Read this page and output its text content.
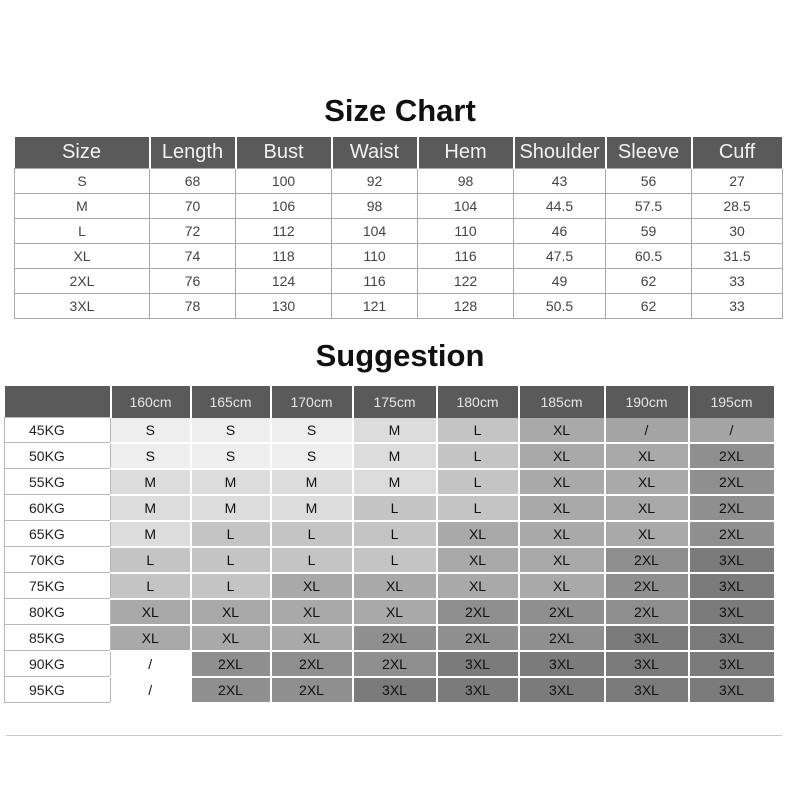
Size Chart
Size	Length	Bust	Waist	Hem	Shoulder	Sleeve	Cuff
S	68	100	92	98	43	56	27
M	70	106	98	104	44.5	57.5	28.5
L	72	112	104	110	46	59	30
XL	74	118	110	116	47.5	60.5	31.5
2XL	76	124	116	122	49	62	33
3XL	78	130	121	128	50.5	62	33
Suggestion
	160cm	165cm	170cm	175cm	180cm	185cm	190cm	195cm
45KG	S	S	S	M	L	XL	/	/
50KG	S	S	S	M	L	XL	XL	2XL
55KG	M	M	M	M	L	XL	XL	2XL
60KG	M	M	M	L	L	XL	XL	2XL
65KG	M	L	L	L	XL	XL	XL	2XL
70KG	L	L	L	L	XL	XL	2XL	3XL
75KG	L	L	XL	XL	XL	XL	2XL	3XL
80KG	XL	XL	XL	XL	2XL	2XL	2XL	3XL
85KG	XL	XL	XL	2XL	2XL	2XL	3XL	3XL
90KG	/	2XL	2XL	2XL	3XL	3XL	3XL	3XL
95KG	/	2XL	2XL	3XL	3XL	3XL	3XL	3XL
